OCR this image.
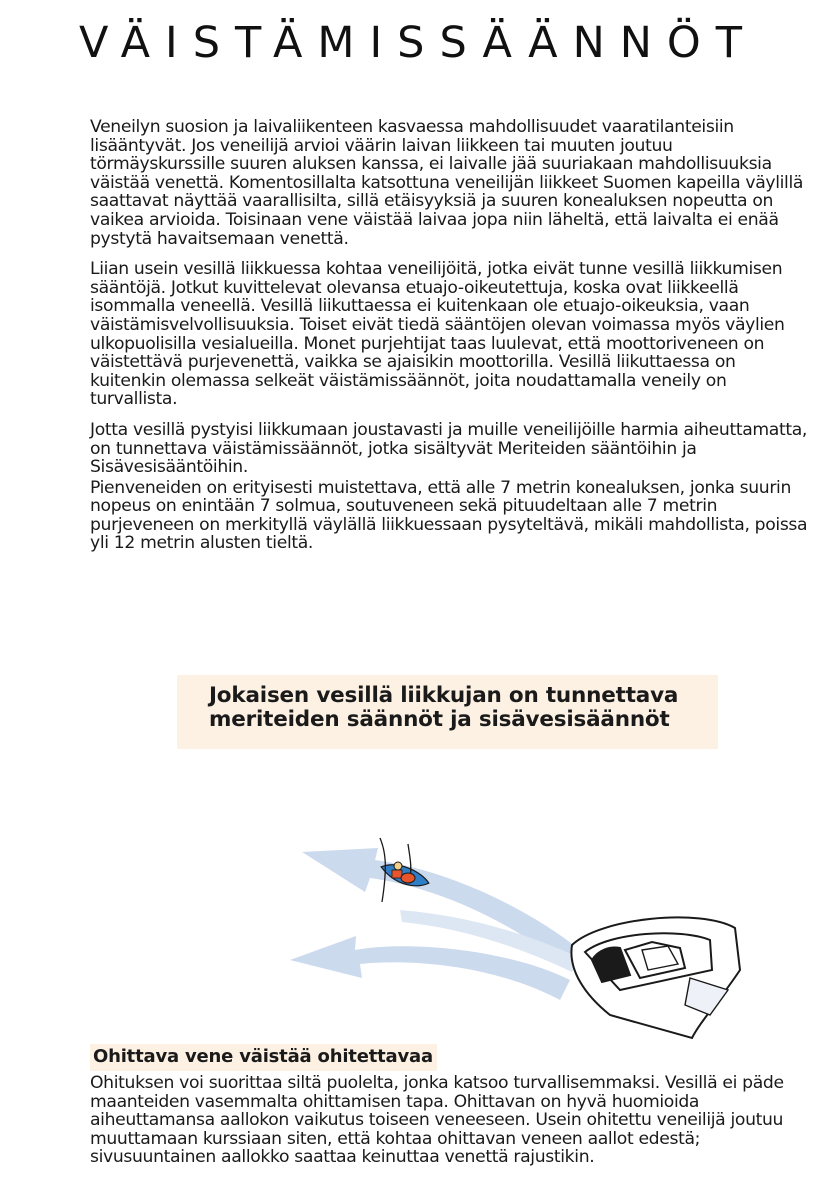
VÄISTÄMISSÄÄNNÖT

Veneilyn suosion ja laivaliikenteen kasvaessa mahdollisuudet vaaratilanteisiin lisääntyvät. Jos veneilijä arvioi väärin laivan liikkeen tai muuten joutuu törmäyskurssille suuren aluksen kanssa, ei laivalle jää suuriakaan mahdollisuuksia väistää venettä. Komentosillalta katsottuna veneilijän liikkeet Suomen kapeilla väylillä saattavat näyttää vaarallisilta, sillä etäisyyksiä ja suuren konealuksen nopeutta on vaikea arvioida. Toisinaan vene väistää laivaa jopa niin läheltä, että laivalta ei enää pystytä havaitsemaan venettä.

Liian usein vesillä liikkuessa kohtaa veneilijöitä, jotka eivät tunne vesillä liikkumisen sääntöjä. Jotkut kuvittelevat olevansa etuajo-oikeutettuja, koska ovat liikkeellä isommalla veneellä. Vesillä liikuttaessa ei kuitenkaan ole etuajo-oikeuksia, vaan väistämisvelvollisuuksia. Toiset eivät tiedä sääntöjen olevan voimassa myös väylien ulkopuolisilla vesialueilla. Monet purjehtijat taas luulevat, että moottoriveneen on väistettävä purjevenettä, vaikka se ajaisikin moottorilla. Vesillä liikuttaessa on kuitenkin olemassa selkeät väistämissäännöt, joita noudattamalla veneily on turvallista.

Jotta vesillä pystyisi liikkumaan joustavasti ja muille veneilijöille harmia aiheuttamatta, on tunnettava väistämissäännöt, jotka sisältyvät Meriteiden sääntöihin ja Sisävesisääntöihin.

Pienveneiden on erityisesti muistettava, että alle 7 metrin konealuksen, jonka suurin nopeus on enintään 7 solmua, soutuveneen sekä pituudeltaan alle 7 metrin purjeveneen on merkityllä väylällä liikkuessaan pysyteltävä, mikäli mahdollista, poissa yli 12 metrin alusten tieltä.

Jokaisen vesillä liikkujan on tunnettava
meriteiden säännöt ja sisävesisäännöt
Ohittava vene väistää ohitettavaa

Ohituksen voi suorittaa siltä puolelta, jonka katsoo turvallisemmaksi. Vesillä ei päde maanteiden vasemmalta ohittamisen tapa. Ohittavan on hyvä huomioida aiheuttamansa aallokon vaikutus toiseen veneeseen. Usein ohitettu veneilijä joutuu muuttamaan kurssiaan siten, että kohtaa ohittavan veneen aallot edestä; sivusuuntainen aallokko saattaa keinuttaa venettä rajustikin.
